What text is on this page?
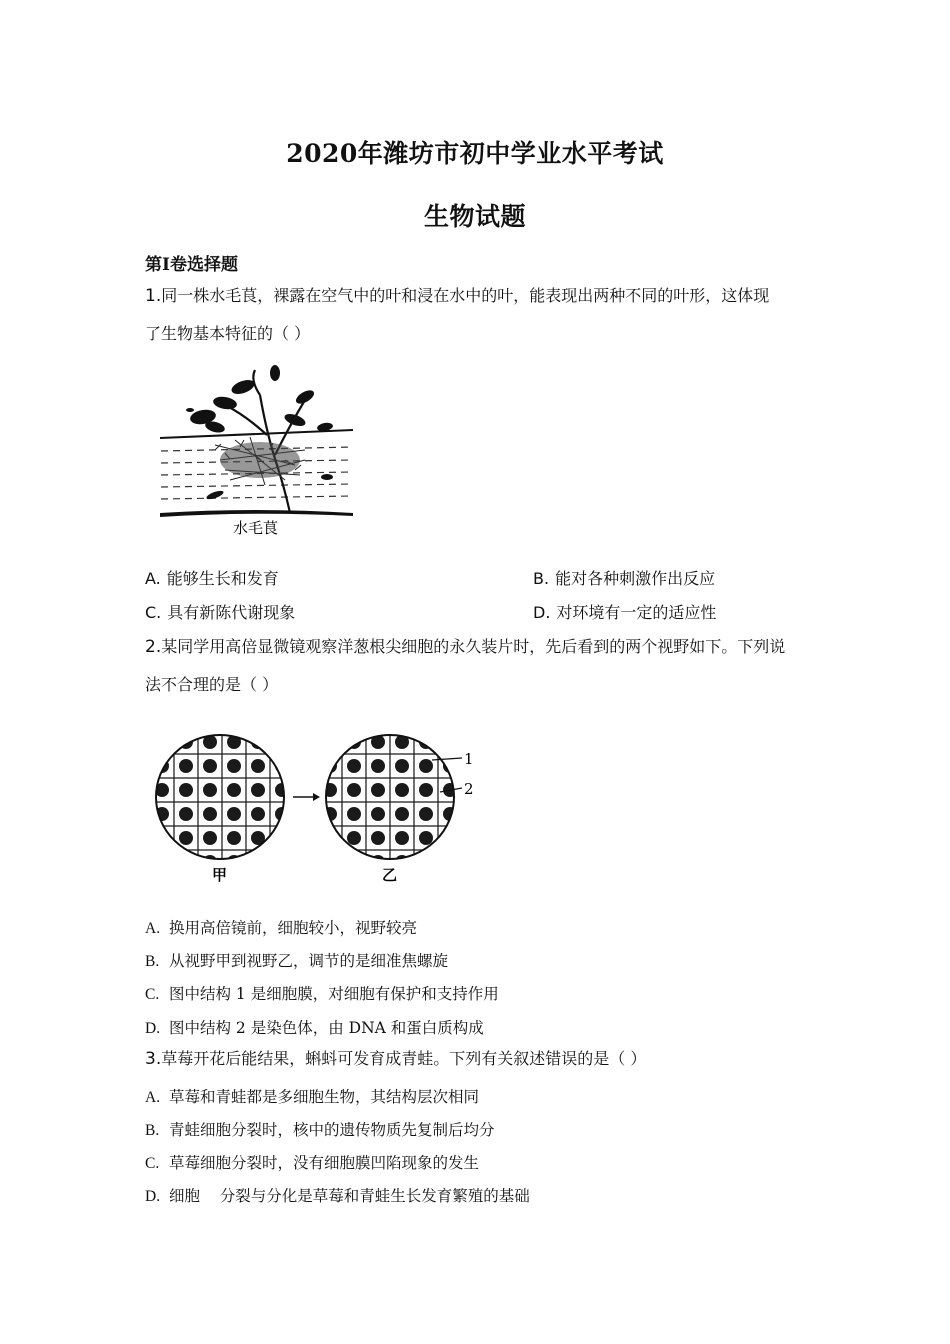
2020年潍坊市初中学业水平考试
生物试题
第Ⅰ卷选择题
1.同一株水毛茛，裸露在空气中的叶和浸在水中的叶，能表现出两种不同的叶形，这体现
了生物基本特征的（ ）
水毛茛
A. 能够生长和发育	B. 能对各种刺激作出反应
C. 具有新陈代谢现象	D. 对环境有一定的适应性
2.某同学用高倍显微镜观察洋葱根尖细胞的永久装片时，先后看到的两个视野如下。下列说
法不合理的是（ ）
1
2
甲	乙
A. 换用高倍镜前，细胞较小，视野较亮
B. 从视野甲到视野乙，调节的是细准焦螺旋
C. 图中结构 1 是细胞膜，对细胞有保护和支持作用
D. 图中结构 2 是染色体，由 DNA 和蛋白质构成
3.草莓开花后能结果，蝌蚪可发育成青蛙。下列有关叙述错误的是（ ）
A. 草莓和青蛙都是多细胞生物，其结构层次相同
B. 青蛙细胞分裂时，核中的遗传物质先复制后均分
C. 草莓细胞分裂时，没有细胞膜凹陷现象的发生
D. 细胞    分裂与分化是草莓和青蛙生长发育繁殖的基础
